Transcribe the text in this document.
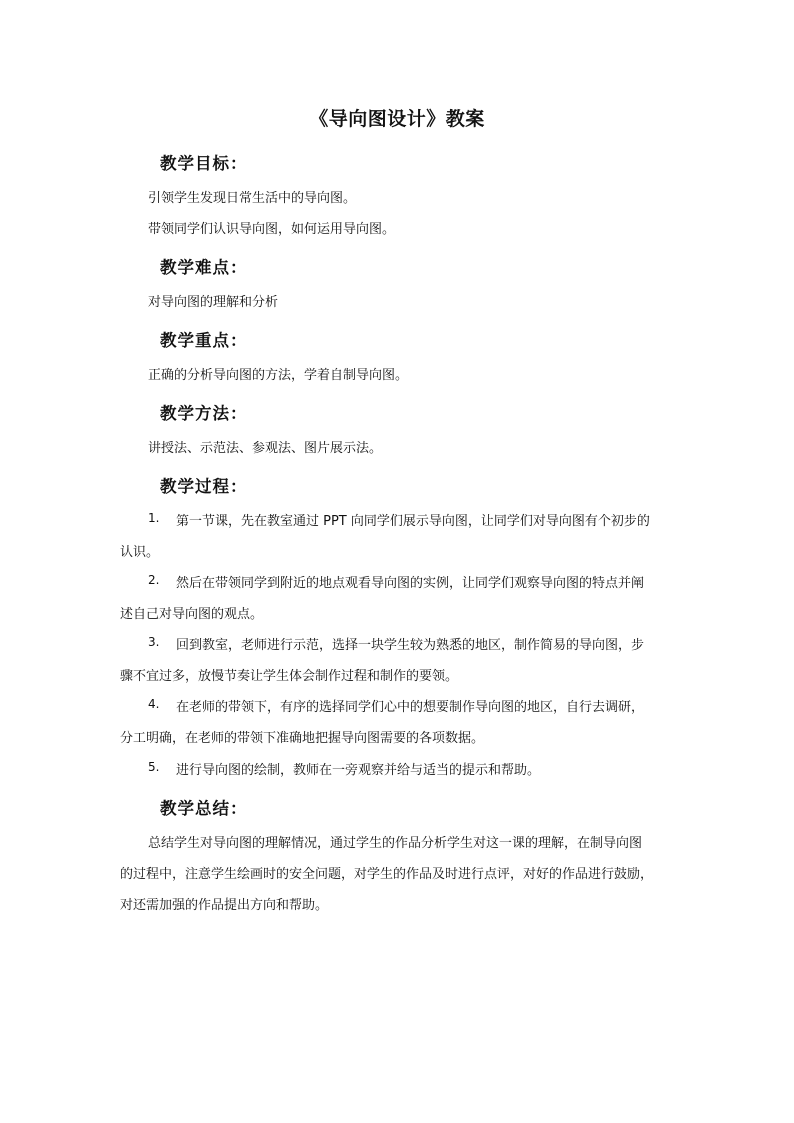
《导向图设计》教案
教学目标：
引领学生发现日常生活中的导向图。
带领同学们认识导向图，如何运用导向图。
教学难点：
对导向图的理解和分析
教学重点：
正确的分析导向图的方法，学着自制导向图。
教学方法：
讲授法、示范法、参观法、图片展示法。
教学过程：
1. 第一节课，先在教室通过 PPT 向同学们展示导向图，让同学们对导向图有个初步的
认识。
2. 然后在带领同学到附近的地点观看导向图的实例，让同学们观察导向图的特点并阐
述自己对导向图的观点。
3. 回到教室，老师进行示范，选择一块学生较为熟悉的地区，制作简易的导向图，步
骤不宜过多，放慢节奏让学生体会制作过程和制作的要领。
4. 在老师的带领下，有序的选择同学们心中的想要制作导向图的地区，自行去调研，
分工明确，在老师的带领下准确地把握导向图需要的各项数据。
5. 进行导向图的绘制，教师在一旁观察并给与适当的提示和帮助。
教学总结：
总结学生对导向图的理解情况，通过学生的作品分析学生对这一课的理解，在制导向图
的过程中，注意学生绘画时的安全问题，对学生的作品及时进行点评，对好的作品进行鼓励，
对还需加强的作品提出方向和帮助。
